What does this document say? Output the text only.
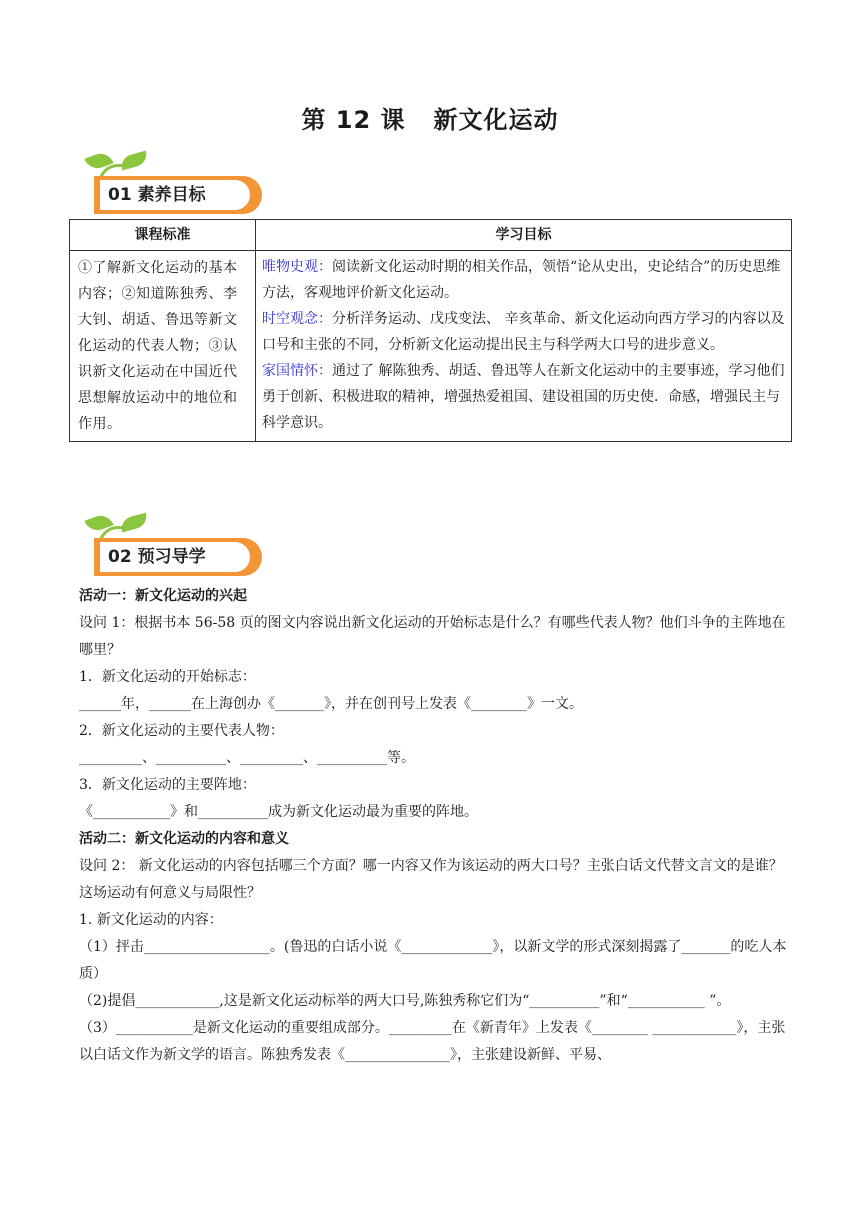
第 12 课 新文化运动
01 素养目标
课程标准	学习目标
①了解新文化运动的基本内容；②知道陈独秀、李大钊、胡适、鲁迅等新文化运动的代表人物；③认识新文化运动在中国近代思想解放运动中的地位和作用。	唯物史观：阅读新文化运动时期的相关作品，领悟“论从史出，史论结合”的历史思维方法，客观地评价新文化运动。

时空观念：分析洋务运动、戊戌变法、 辛亥革命、新文化运动向西方学习的内容以及口号和主张的不同，分析新文化运动提出民主与科学两大口号的进步意义。

家国情怀：通过了 解陈独秀、胡适、鲁迅等人在新文化运动中的主要事迹，学习他们勇于创新、积极进取的精神，增强热爱祖国、建设祖国的历史使．命感，增强民主与科学意识。

02 预习导学

活动一：新文化运动的兴起

设问 1：根据书本 56-58 页的图文内容说出新文化运动的开始标志是什么？有哪些代表人物？他们斗争的主阵地在哪里？

1．新文化运动的开始标志：

______年，______在上海创办《_______》，并在创刊号上发表《________》一文。

2．新文化运动的主要代表人物：

_________、__________、_________、__________等。

3．新文化运动的主要阵地：

《___________》和__________成为新文化运动最为重要的阵地。

活动二：新文化运动的内容和意义

设问 2： 新文化运动的内容包括哪三个方面？哪一内容又作为该运动的两大口号？主张白话文代替文言文的是谁？这场运动有何意义与局限性？

1. 新文化运动的内容：

（1）抨击__________________。(鲁迅的白话小说《_____________》，以新文学的形式深刻揭露了_______的吃人本质）

（2)提倡____________,这是新文化运动标举的两大口号,陈独秀称它们为“__________”和“___________ ”。

（3）___________是新文化运动的重要组成部分。_________在《新青年》上发表《________ ____________》，主张以白话文作为新文学的语言。陈独秀发表《_______________》，主张建设新鲜、平易、
